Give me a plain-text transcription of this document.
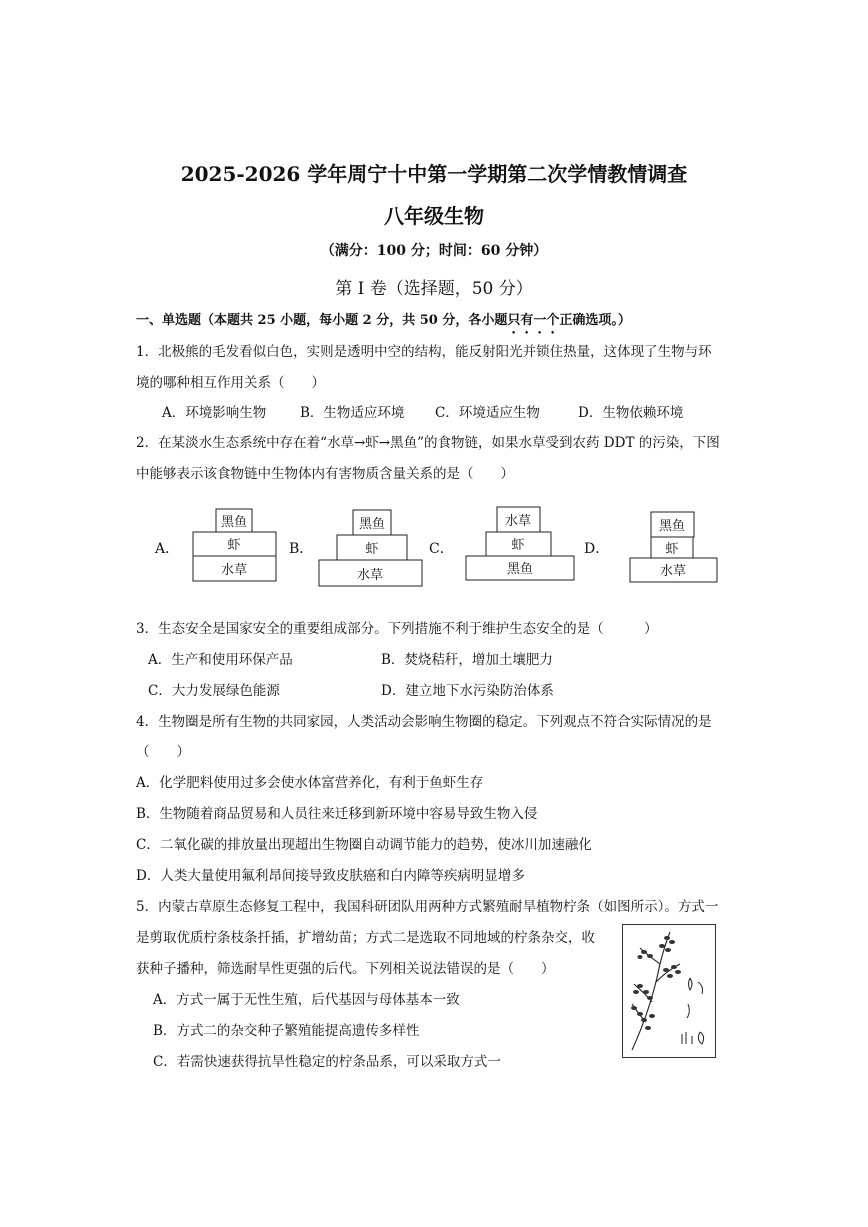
2025-2026 学年周宁十中第一学期第二次学情教情调查
八年级生物
（满分：100 分；时间：60 分钟）
第 Ⅰ 卷（选择题，50 分）
一、单选题（本题共 25 小题，每小题 2 分，共 50 分，各小题只有一个正确选项。）
1．北极熊的毛发看似白色，实则是透明中空的结构，能反射阳光并锁住热量，这体现了生物与环
境的哪种相互作用关系（　　）
A．环境影响生物	B．生物适应环境 C．环境适应生物	D．生物依赖环境
2．在某淡水生态系统中存在着“水草→虾→黑鱼”的食物链，如果水草受到农药 DDT 的污染，下图
中能够表示该食物链中生物体内有害物质含量关系的是（　　）
A．	B．	C．	D．
黑鱼
虾
水草
黑鱼
虾
水草
水草
虾
黑鱼
黑鱼
虾
水草
3．生态安全是国家安全的重要组成部分。下列措施不利于维护生态安全的是（　　　）
A．生产和使用环保产品	B．焚烧秸秆，增加土壤肥力
C．大力发展绿色能源	D．建立地下水污染防治体系
4．生物圈是所有生物的共同家园，人类活动会影响生物圈的稳定。下列观点不符合实际情况的是
（　　）
A．化学肥料使用过多会使水体富营养化，有利于鱼虾生存
B．生物随着商品贸易和人员往来迁移到新环境中容易导致生物入侵
C．二氧化碳的排放量出现超出生物圈自动调节能力的趋势，使冰川加速融化
D．人类大量使用氟利昂间接导致皮肤癌和白内障等疾病明显增多
5．内蒙古草原生态修复工程中，我国科研团队用两种方式繁殖耐旱植物柠条（如图所示）。方式一
是剪取优质柠条枝条扦插，扩增幼苗；方式二是选取不同地域的柠条杂交，收
获种子播种，筛选耐旱性更强的后代。下列相关说法错误的是（　　）
A．方式一属于无性生殖，后代基因与母体基本一致
B．方式二的杂交种子繁殖能提高遗传多样性
C．若需快速获得抗旱性稳定的柠条品系，可以采取方式一
